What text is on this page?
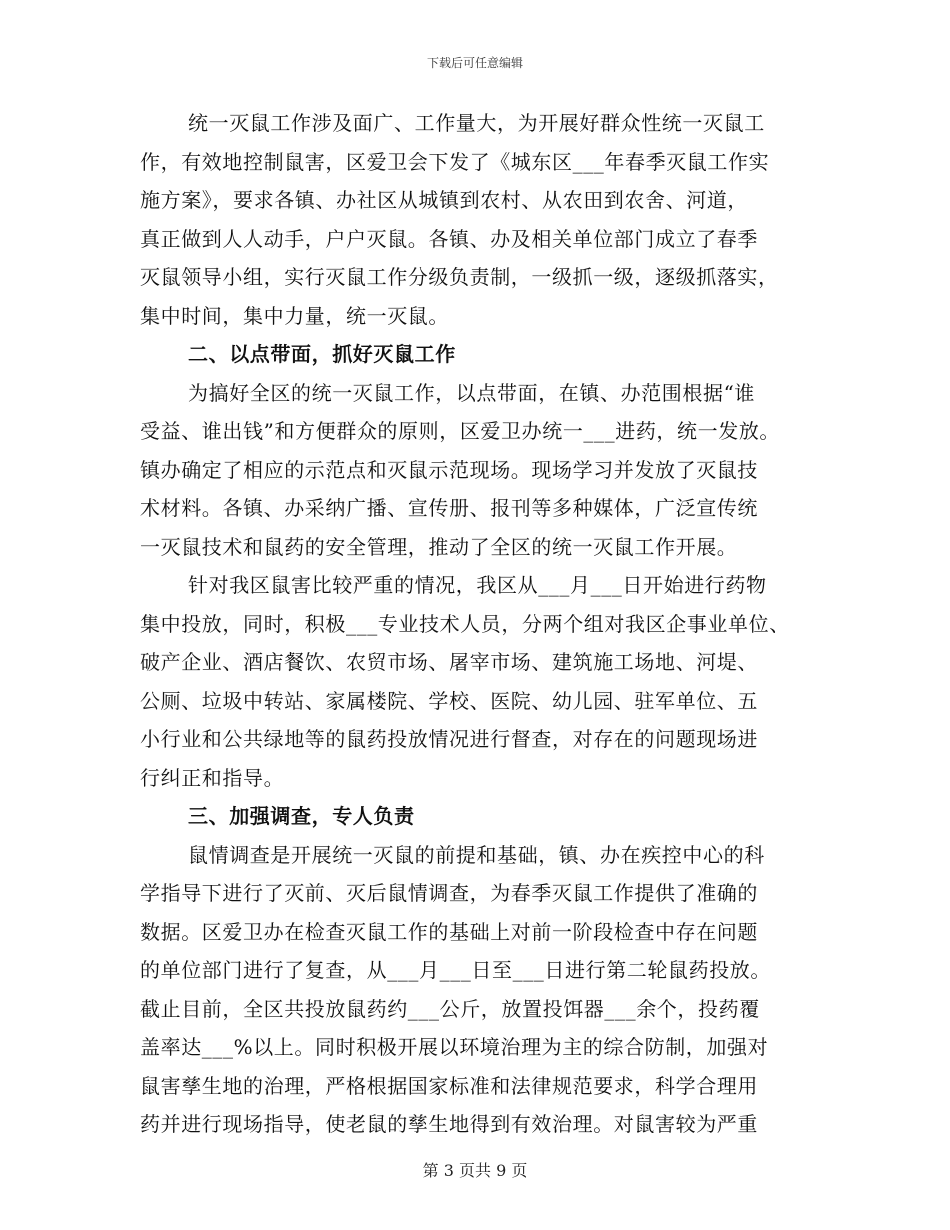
下载后可任意编辑
统一灭鼠工作涉及面广、工作量大，为开展好群众性统一灭鼠工
作，有效地控制鼠害，区爱卫会下发了《城东区___年春季灭鼠工作实
施方案》，要求各镇、办社区从城镇到农村、从农田到农舍、河道，
真正做到人人动手，户户灭鼠。各镇、办及相关单位部门成立了春季
灭鼠领导小组，实行灭鼠工作分级负责制，一级抓一级，逐级抓落实，
集中时间，集中力量，统一灭鼠。
二、以点带面，抓好灭鼠工作
为搞好全区的统一灭鼠工作，以点带面，在镇、办范围根据“谁
受益、谁出钱”和方便群众的原则，区爱卫办统一___进药，统一发放。
镇办确定了相应的示范点和灭鼠示范现场。现场学习并发放了灭鼠技
术材料。各镇、办采纳广播、宣传册、报刊等多种媒体，广泛宣传统
一灭鼠技术和鼠药的安全管理，推动了全区的统一灭鼠工作开展。
针对我区鼠害比较严重的情况，我区从___月___日开始进行药物
集中投放，同时，积极___专业技术人员，分两个组对我区企事业单位、
破产企业、酒店餐饮、农贸市场、屠宰市场、建筑施工场地、河堤、
公厕、垃圾中转站、家属楼院、学校、医院、幼儿园、驻军单位、五
小行业和公共绿地等的鼠药投放情况进行督查，对存在的问题现场进
行纠正和指导。
三、加强调查，专人负责
鼠情调查是开展统一灭鼠的前提和基础，镇、办在疾控中心的科
学指导下进行了灭前、灭后鼠情调查，为春季灭鼠工作提供了准确的
数据。区爱卫办在检查灭鼠工作的基础上对前一阶段检查中存在问题
的单位部门进行了复查，从___月___日至___日进行第二轮鼠药投放。
截止目前，全区共投放鼠药约___公斤，放置投饵器___余个，投药覆
盖率达___%以上。同时积极开展以环境治理为主的综合防制，加强对
鼠害孳生地的治理，严格根据国家标准和法律规范要求，科学合理用
药并进行现场指导，使老鼠的孳生地得到有效治理。对鼠害较为严重
第 3 页共 9 页
